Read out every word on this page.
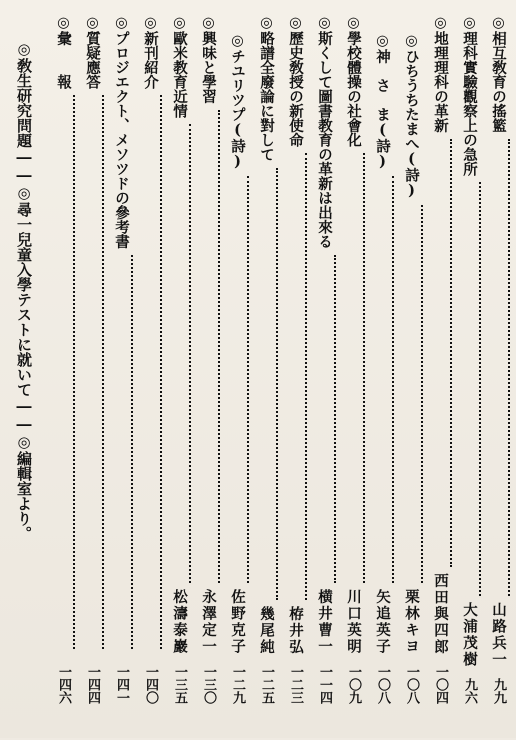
◎相互敎育の搖籃
山路兵一
九九
◎理科實驗觀察上の急所
大浦茂樹
九六
◎地理理科の革新
西田與四郎
一〇四
◎ひちうちたまへ(詩)
栗林キヨ
一〇八
◎神　さ　ま(詩)
矢追英子
一〇八
◎學校體操の社會化
川口英明
一〇九
◎斯くして圖書教育の革新は出來る
横井曹一
一一四
◎歷史敎授の新使命
栫井弘
一二三
◎略譜全廢論に對して
幾尾純
一二五
◎チユリツプ(詩)
佐野克子
一二九
◎興味と學習
永澤定一
一三〇
◎歐米教育近情
松濤泰巖
一三五
◎新刊紹介
一四〇
◎プロジエクト、メソツドの參考書
一四一
◎質疑應答
一四四
◎彙　　報
一四六
◎敎生研究問題――◎尋一兒童入學テストに就いて――◎編輯室より。
